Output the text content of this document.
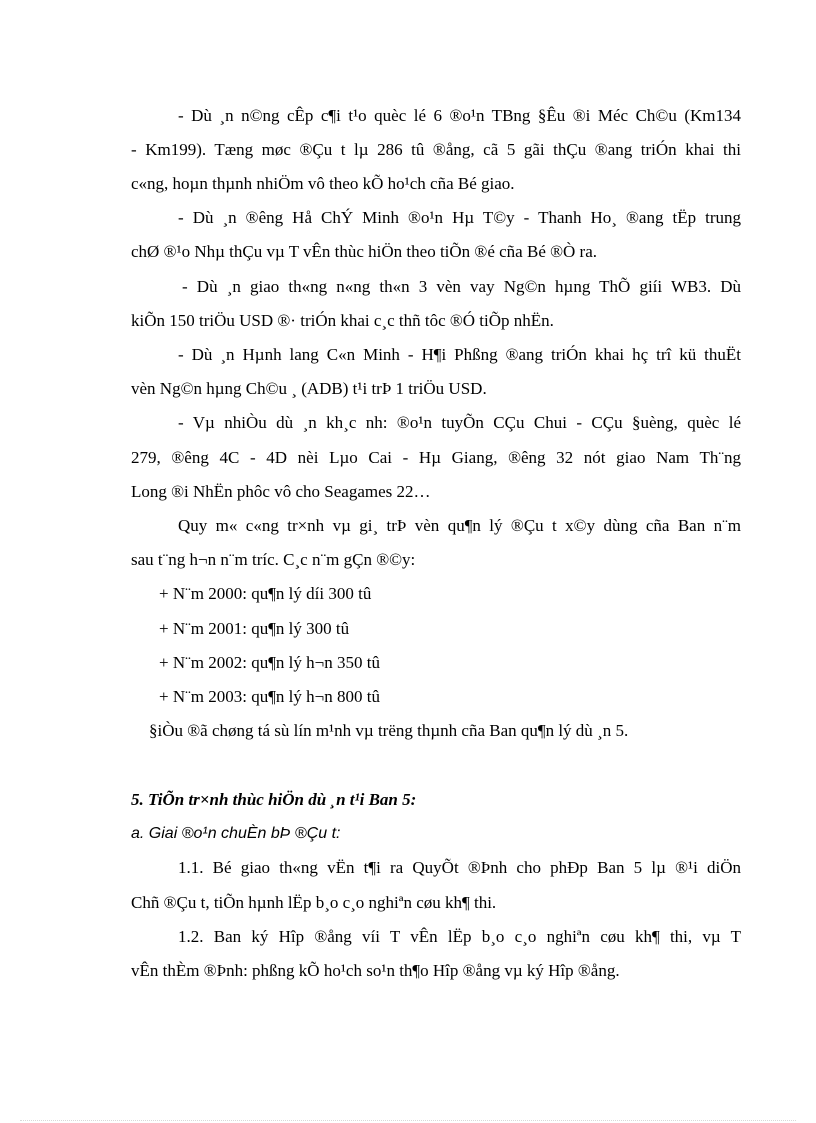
- Dù ¸n n©ng cÊp c¶i t¹o quèc lé 6 ®o¹n TBng §Êu ®i Méc Ch©u (Km134
- Km199). Tæng møc ®Çu t lµ 286 tû ®ång, cã 5 gãi thÇu ®ang triÓn khai thi
c«ng, hoµn thµnh nhiÖm vô theo kÕ ho¹ch cña Bé giao.
- Dù ¸n ®êng Hå ChÝ Minh ®o¹n Hµ T©y - Thanh Ho¸ ®ang tËp trung
chØ ®¹o Nhµ thÇu vµ T vÊn thùc hiÖn theo tiÕn ®é cña Bé ®Ò ra.
- Dù ¸n giao th«ng n«ng th«n 3 vèn vay Ng©n hµng ThÕ giíi WB3. Dù
kiÕn 150 triÖu USD ®· triÓn khai c¸c thñ tôc ®Ó tiÕp nhËn.
- Dù ¸n Hµnh lang C«n Minh - H¶i Phßng ®ang triÓn khai hç trî kü thuËt
vèn Ng©n hµng Ch©u ¸ (ADB) t¹i trÞ 1 triÖu USD.
- Vµ nhiÒu dù ¸n kh¸c nh: ®o¹n tuyÕn CÇu Chui - CÇu §uèng, quèc lé
279, ®êng 4C - 4D nèi Lµo Cai - Hµ Giang, ®êng 32 nót giao Nam Th¨ng
Long ®i NhËn phôc vô cho Seagames 22…
Quy m« c«ng tr×nh vµ gi¸ trÞ vèn qu¶n lý ®Çu t x©y dùng cña Ban n¨m
sau t¨ng h¬n n¨m tríc. C¸c n¨m gÇn ®©y:
+ N¨m 2000: qu¶n lý díi 300 tû
+ N¨m 2001: qu¶n lý 300 tû
+ N¨m 2002: qu¶n lý h¬n 350 tû
+ N¨m 2003: qu¶n lý h¬n 800 tû
§iÒu ®ã chøng tá sù lín m¹nh vµ trëng thµnh cña Ban qu¶n lý dù ¸n 5.
5. TiÕn tr×nh thùc hiÖn dù ¸n t¹i Ban 5:
a. Giai ®o¹n chuÈn bÞ ®Çu t:
1.1. Bé giao th«ng vËn t¶i ra QuyÕt ®Þnh cho phÐp Ban 5 lµ ®¹i diÖn
Chñ ®Çu t, tiÕn hµnh lËp b¸o c¸o nghiªn cøu kh¶ thi.
1.2. Ban ký Hîp ®ång víi T vÊn lËp b¸o c¸o nghiªn cøu kh¶ thi, vµ T
vÊn thÈm ®Þnh: phßng kÕ ho¹ch so¹n th¶o Hîp ®ång vµ ký Hîp ®ång.
